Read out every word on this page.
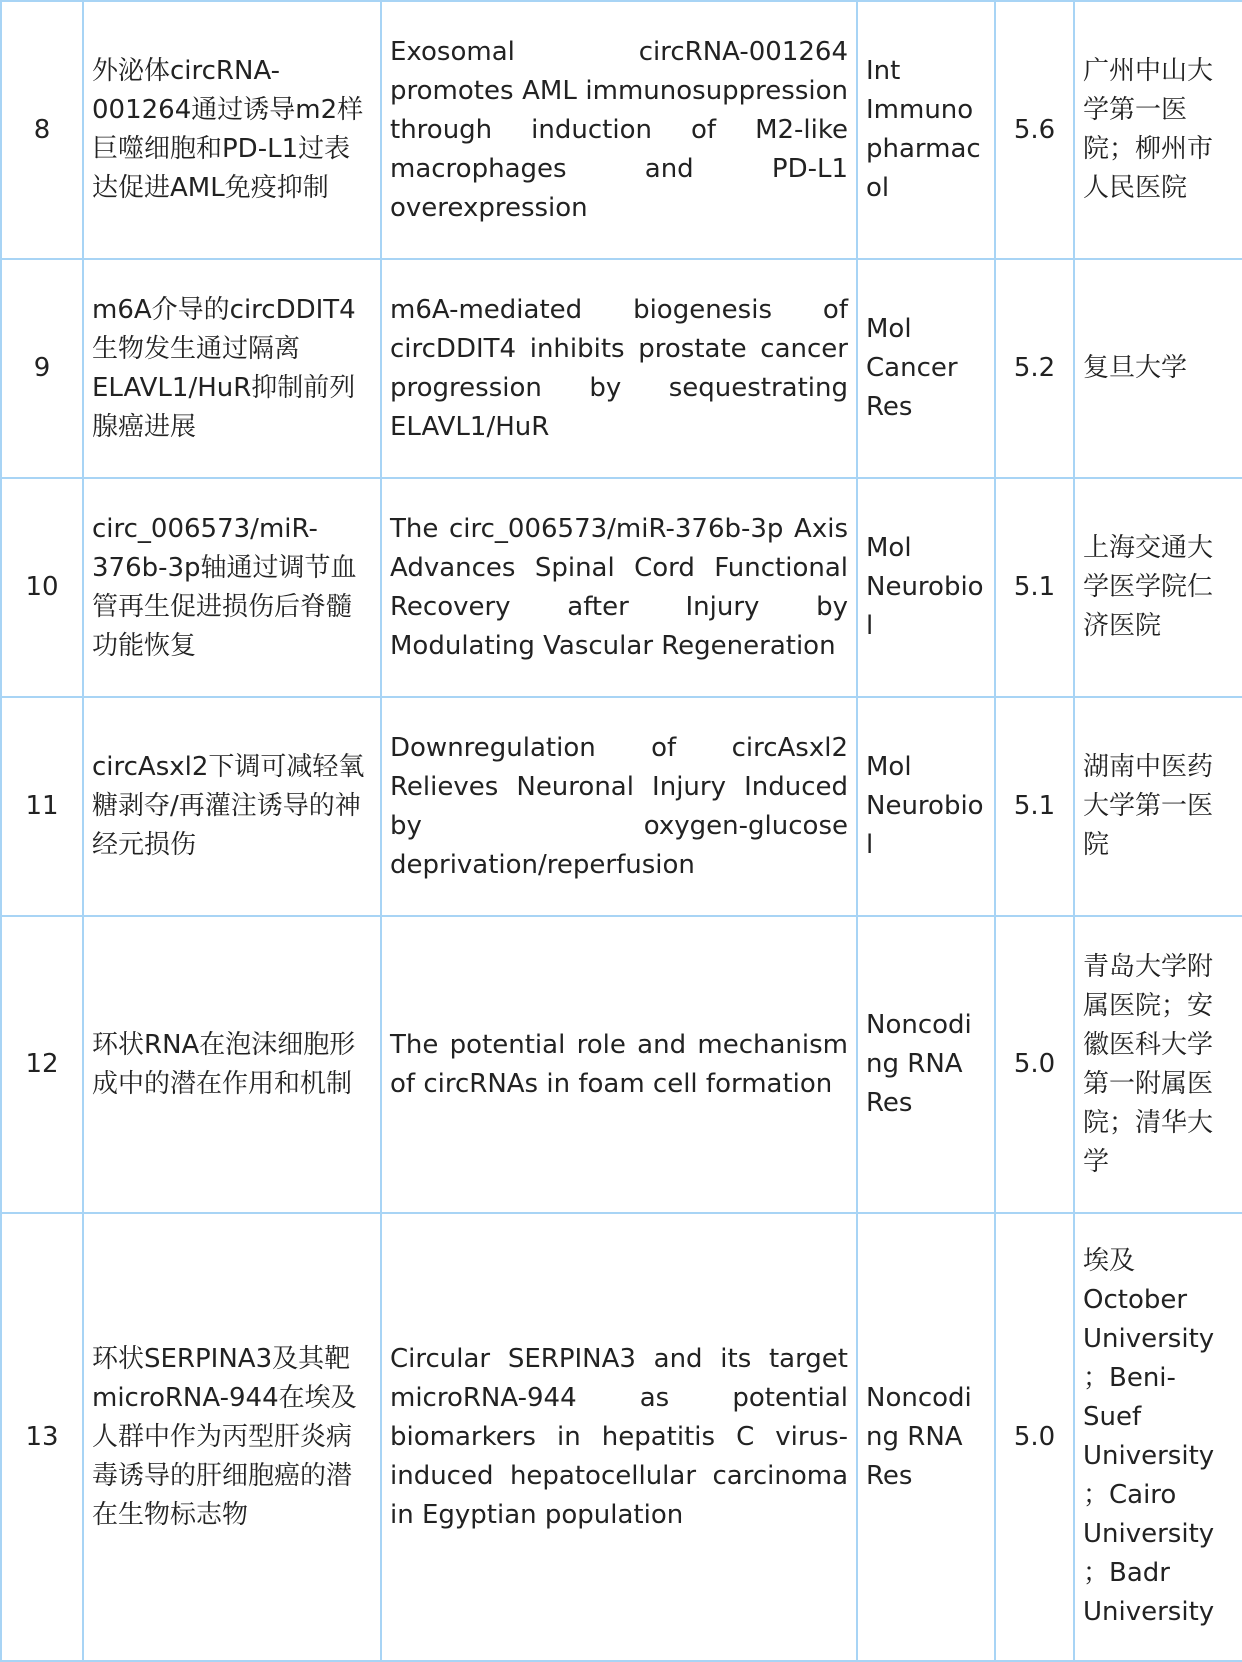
8	外泌体circRNA-001264通过诱导m2样巨噬细胞和PD-L1过表达促进AML免疫抑制	Exosomal circRNA-001264 promotes AML immunosuppression through induction of M2-like macrophages and PD-L1 overexpression	Int Immunopharmacol	5.6	广州中山大学第一医院；柳州市人民医院
9	m6A介导的circDDIT4生物发生通过隔离ELAVL1/HuR抑制前列腺癌进展	m6A-mediated biogenesis of circDDIT4 inhibits prostate cancer progression by sequestrating ELAVL1/HuR	Mol Cancer Res	5.2	复旦大学
10	circ_006573/miR-376b-3p轴通过调节血管再生促进损伤后脊髓功能恢复	The circ_006573/miR-376b-3p Axis Advances Spinal Cord Functional Recovery after Injury by Modulating Vascular Regeneration	Mol Neurobiol	5.1	上海交通大学医学院仁济医院
11	circAsxl2下调可减轻氧糖剥夺/再灌注诱导的神经元损伤	Downregulation of circAsxl2 Relieves Neuronal Injury Induced by oxygen-glucose deprivation/reperfusion	Mol Neurobiol	5.1	湖南中医药大学第一医院
12	环状RNA在泡沫细胞形成中的潜在作用和机制	The potential role and mechanism of circRNAs in foam cell formation	Noncoding RNA Res	5.0	青岛大学附属医院；安徽医科大学第一附属医院；清华大学
13	环状SERPINA3及其靶microRNA-944在埃及人群中作为丙型肝炎病毒诱导的肝细胞癌的潜在生物标志物	Circular SERPINA3 and its target microRNA-944 as potential biomarkers in hepatitis C virus-induced hepatocellular carcinoma in Egyptian population	Noncoding RNA Res	5.0	埃及October University；Beni-Suef University；Cairo University；Badr University
